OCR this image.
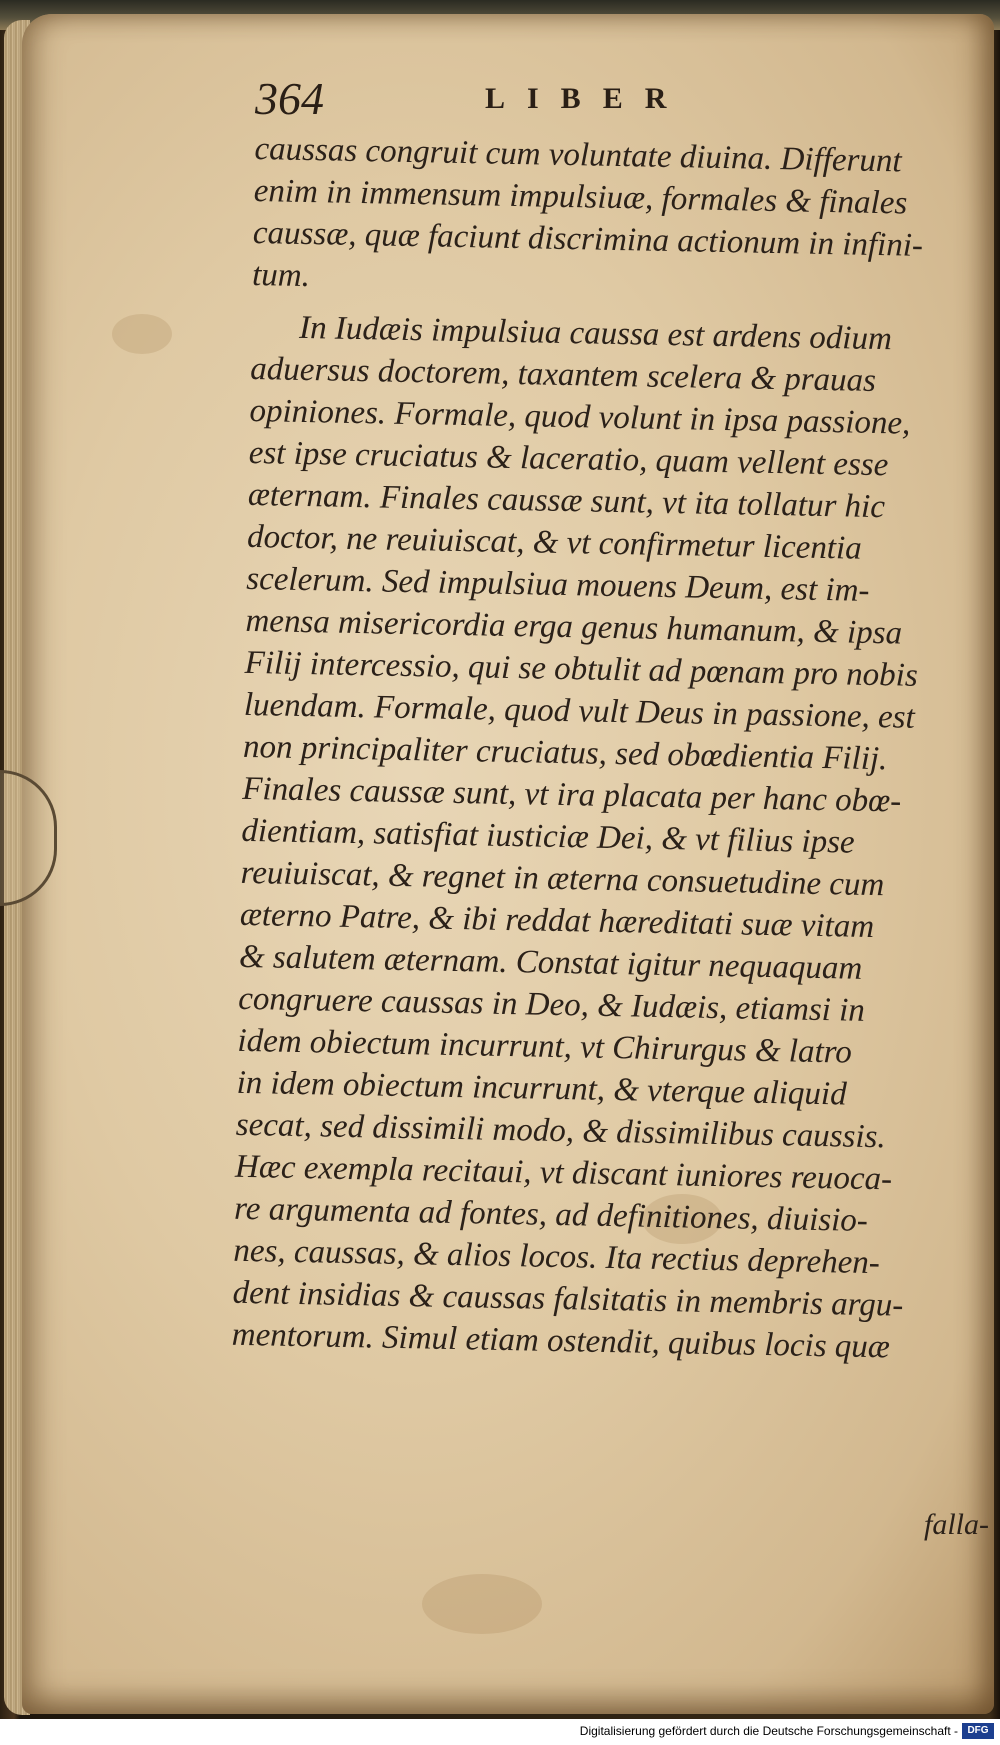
364	LIBER
caussas congruit cum voluntate diuina. Differunt
enim in immensum impulsiuæ, formales & finales
caussæ, quæ faciunt discrimina actionum in infini-
tum.
In Iudæis impulsiua caussa est ardens odium
aduersus doctorem, taxantem scelera & prauas
opiniones. Formale, quod volunt in ipsa passione,
est ipse cruciatus & laceratio, quam vellent esse
æternam. Finales caussæ sunt, vt ita tollatur hic
doctor, ne reuiuiscat, & vt confirmetur licentia
scelerum. Sed impulsiua mouens Deum, est im-
mensa misericordia erga genus humanum, & ipsa
Filij intercessio, qui se obtulit ad pœnam pro nobis
luendam. Formale, quod vult Deus in passione, est
non principaliter cruciatus, sed obœdientia Filij.
Finales caussæ sunt, vt ira placata per hanc obœ-
dientiam, satisfiat iusticiæ Dei, & vt filius ipse
reuiuiscat, & regnet in æterna consuetudine cum
æterno Patre, & ibi reddat hæreditati suæ vitam
& salutem æternam. Constat igitur nequaquam
congruere caussas in Deo, & Iudæis, etiamsi in
idem obiectum incurrunt, vt Chirurgus & latro
in idem obiectum incurrunt, & vterque aliquid
secat, sed dissimili modo, & dissimilibus caussis.
Hæc exempla recitaui, vt discant iuniores reuoca-
re argumenta ad fontes, ad definitiones, diuisio-
nes, caussas, & alios locos. Ita rectius deprehen-
dent insidias & caussas falsitatis in membris argu-
mentorum. Simul etiam ostendit, quibus locis quæ
falla-
Digitalisierung gefördert durch die Deutsche Forschungsgemeinschaft - DFG
